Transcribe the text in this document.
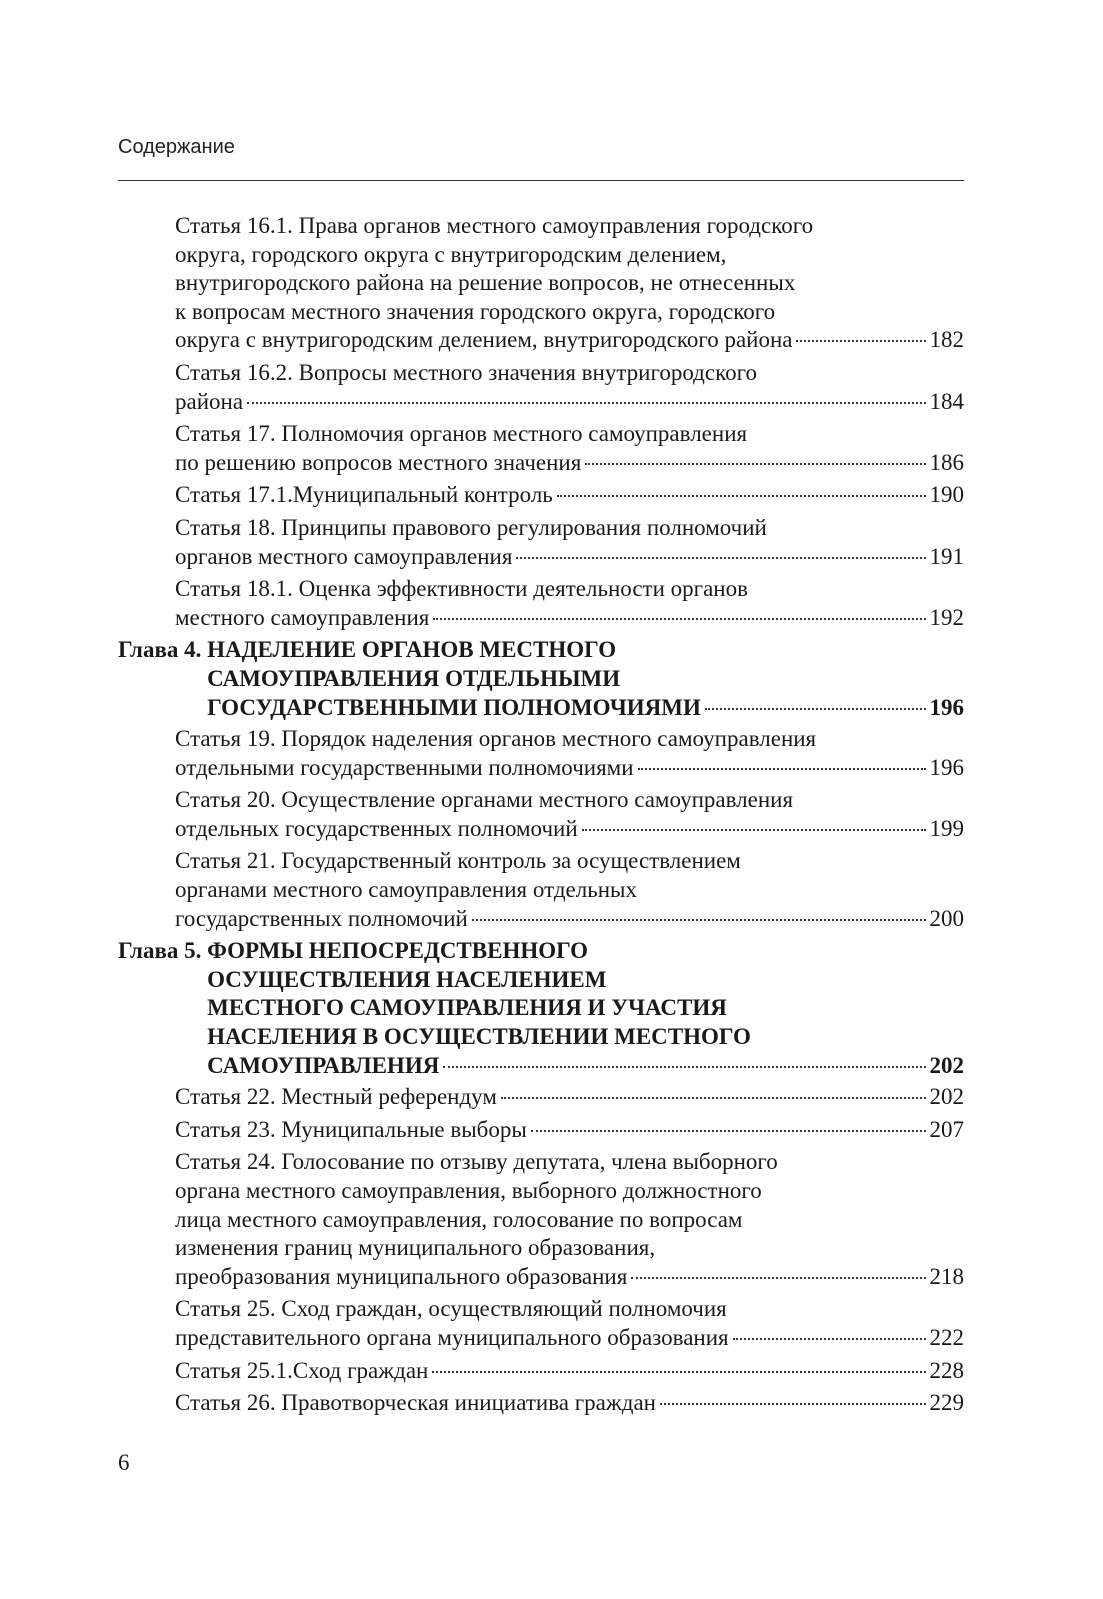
Содержание
Статья 16.1. Права органов местного самоуправления городского
округа, городского округа с внутригородским делением,
внутригородского района на решение вопросов, не отнесенных
к вопросам местного значения городского округа, городского
округа с внутригородским делением, внутригородского района	182
Статья 16.2. Вопросы местного значения внутригородского
района	184
Статья 17. Полномочия органов местного самоуправления
по решению вопросов местного значения	186
Статья 17.1.Муниципальный контроль	190
Статья 18. Принципы правового регулирования полномочий
органов местного самоуправления	191
Статья 18.1. Оценка эффективности деятельности органов
местного самоуправления	192
Глава 4. НАДЕЛЕНИЕ ОРГАНОВ МЕСТНОГО
САМОУПРАВЛЕНИЯ ОТДЕЛЬНЫМИ
ГОСУДАРСТВЕННЫМИ ПОЛНОМОЧИЯМИ	196
Статья 19. Порядок наделения органов местного самоуправления
отдельными государственными полномочиями	196
Статья 20. Осуществление органами местного самоуправления
отдельных государственных полномочий	199
Статья 21. Государственный контроль за осуществлением
органами местного самоуправления отдельных
государственных полномочий	200
Глава 5. ФОРМЫ НЕПОСРЕДСТВЕННОГО
ОСУЩЕСТВЛЕНИЯ НАСЕЛЕНИЕМ
МЕСТНОГО САМОУПРАВЛЕНИЯ И УЧАСТИЯ
НАСЕЛЕНИЯ В ОСУЩЕСТВЛЕНИИ МЕСТНОГО
САМОУПРАВЛЕНИЯ	202
Статья 22. Местный референдум	202
Статья 23. Муниципальные выборы	207
Статья 24. Голосование по отзыву депутата, члена выборного
органа местного самоуправления, выборного должностного
лица местного самоуправления, голосование по вопросам
изменения границ муниципального образования,
преобразования муниципального образования	218
Статья 25. Сход граждан, осуществляющий полномочия
представительного органа муниципального образования	222
Статья 25.1.Сход граждан	228
Статья 26. Правотворческая инициатива граждан	229
6
